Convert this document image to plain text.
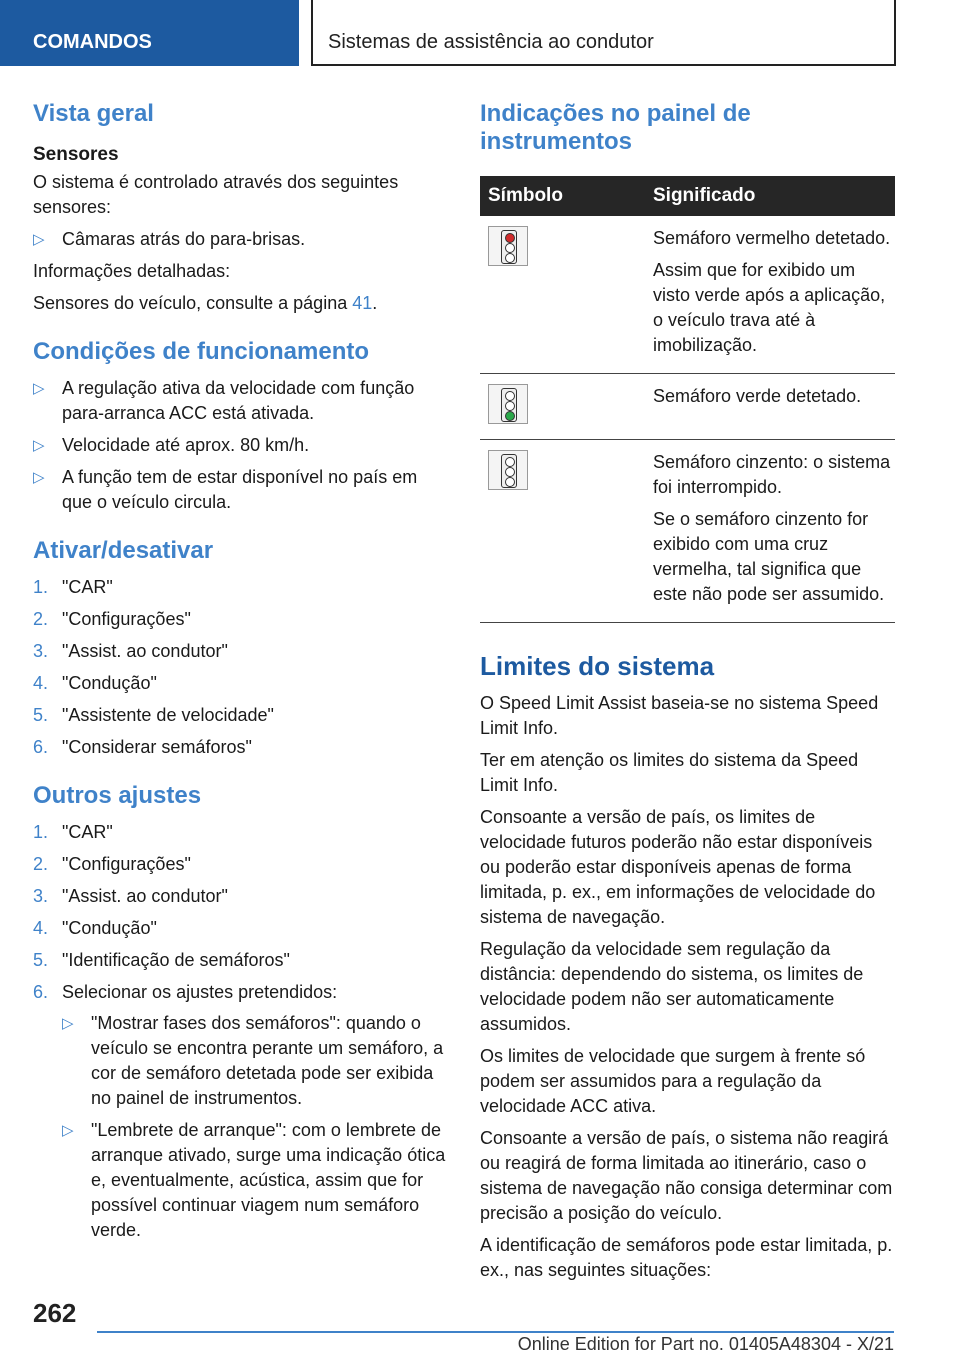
COMANDOS	Sistemas de assistência ao condutor
Vista geral
Sensores

O sistema é controlado através dos seguintes sensores:

▷ Câmaras atrás do para-brisas.

Informações detalhadas:

Sensores do veículo, consulte a página 41.

Condições de funcionamento
▷ A regulação ativa da velocidade com função para-arranca ACC está ativada.
▷ Velocidade até aprox. 80 km/h.
▷ A função tem de estar disponível no país em que o veículo circula.
Ativar/desativar
1. "CAR"
2. "Configurações"
3. "Assist. ao condutor"
4. "Condução"
5. "Assistente de velocidade"
6. "Considerar semáforos"
Outros ajustes
1. "CAR"
2. "Configurações"
3. "Assist. ao condutor"
4. "Condução"
5. "Identificação de semáforos"
6. Selecionar os ajustes pretendidos:
▷ "Mostrar fases dos semáforos": quando o veículo se encontra perante um semáforo, a cor de semáforo detetada pode ser exibida no painel de instrumentos.
▷ "Lembrete de arranque": com o lembrete de arranque ativado, surge uma indicação ótica e, eventualmente, acústica, assim que for possível continuar viagem num semáforo verde.
Indicações no painel de instrumentos
Símbolo	Significado

	Semáforo vermelho detetado.

Assim que for exibido um visto verde após a aplicação, o veículo trava até à imobilização.

	Semáforo verde detetado.

	Semáforo cinzento: o sistema foi interrompido.

Se o semáforo cinzento for exibido com uma cruz vermelha, tal significa que este não pode ser assumido.

Limites do sistema

O Speed Limit Assist baseia-se no sistema Speed Limit Info.

Ter em atenção os limites do sistema da Speed Limit Info.

Consoante a versão de país, os limites de velocidade futuros poderão não estar disponíveis ou poderão estar disponíveis apenas de forma limitada, p. ex., em informações de velocidade do sistema de navegação.

Regulação da velocidade sem regulação da distância: dependendo do sistema, os limites de velocidade podem não ser automaticamente assumidos.

Os limites de velocidade que surgem à frente só podem ser assumidos para a regulação da velocidade ACC ativa.

Consoante a versão de país, o sistema não reagirá ou reagirá de forma limitada ao itinerário, caso o sistema de navegação não consiga determinar com precisão a posição do veículo.

A identificação de semáforos pode estar limitada, p. ex., nas seguintes situações:

262
Online Edition for Part no. 01405A48304 - X/21
